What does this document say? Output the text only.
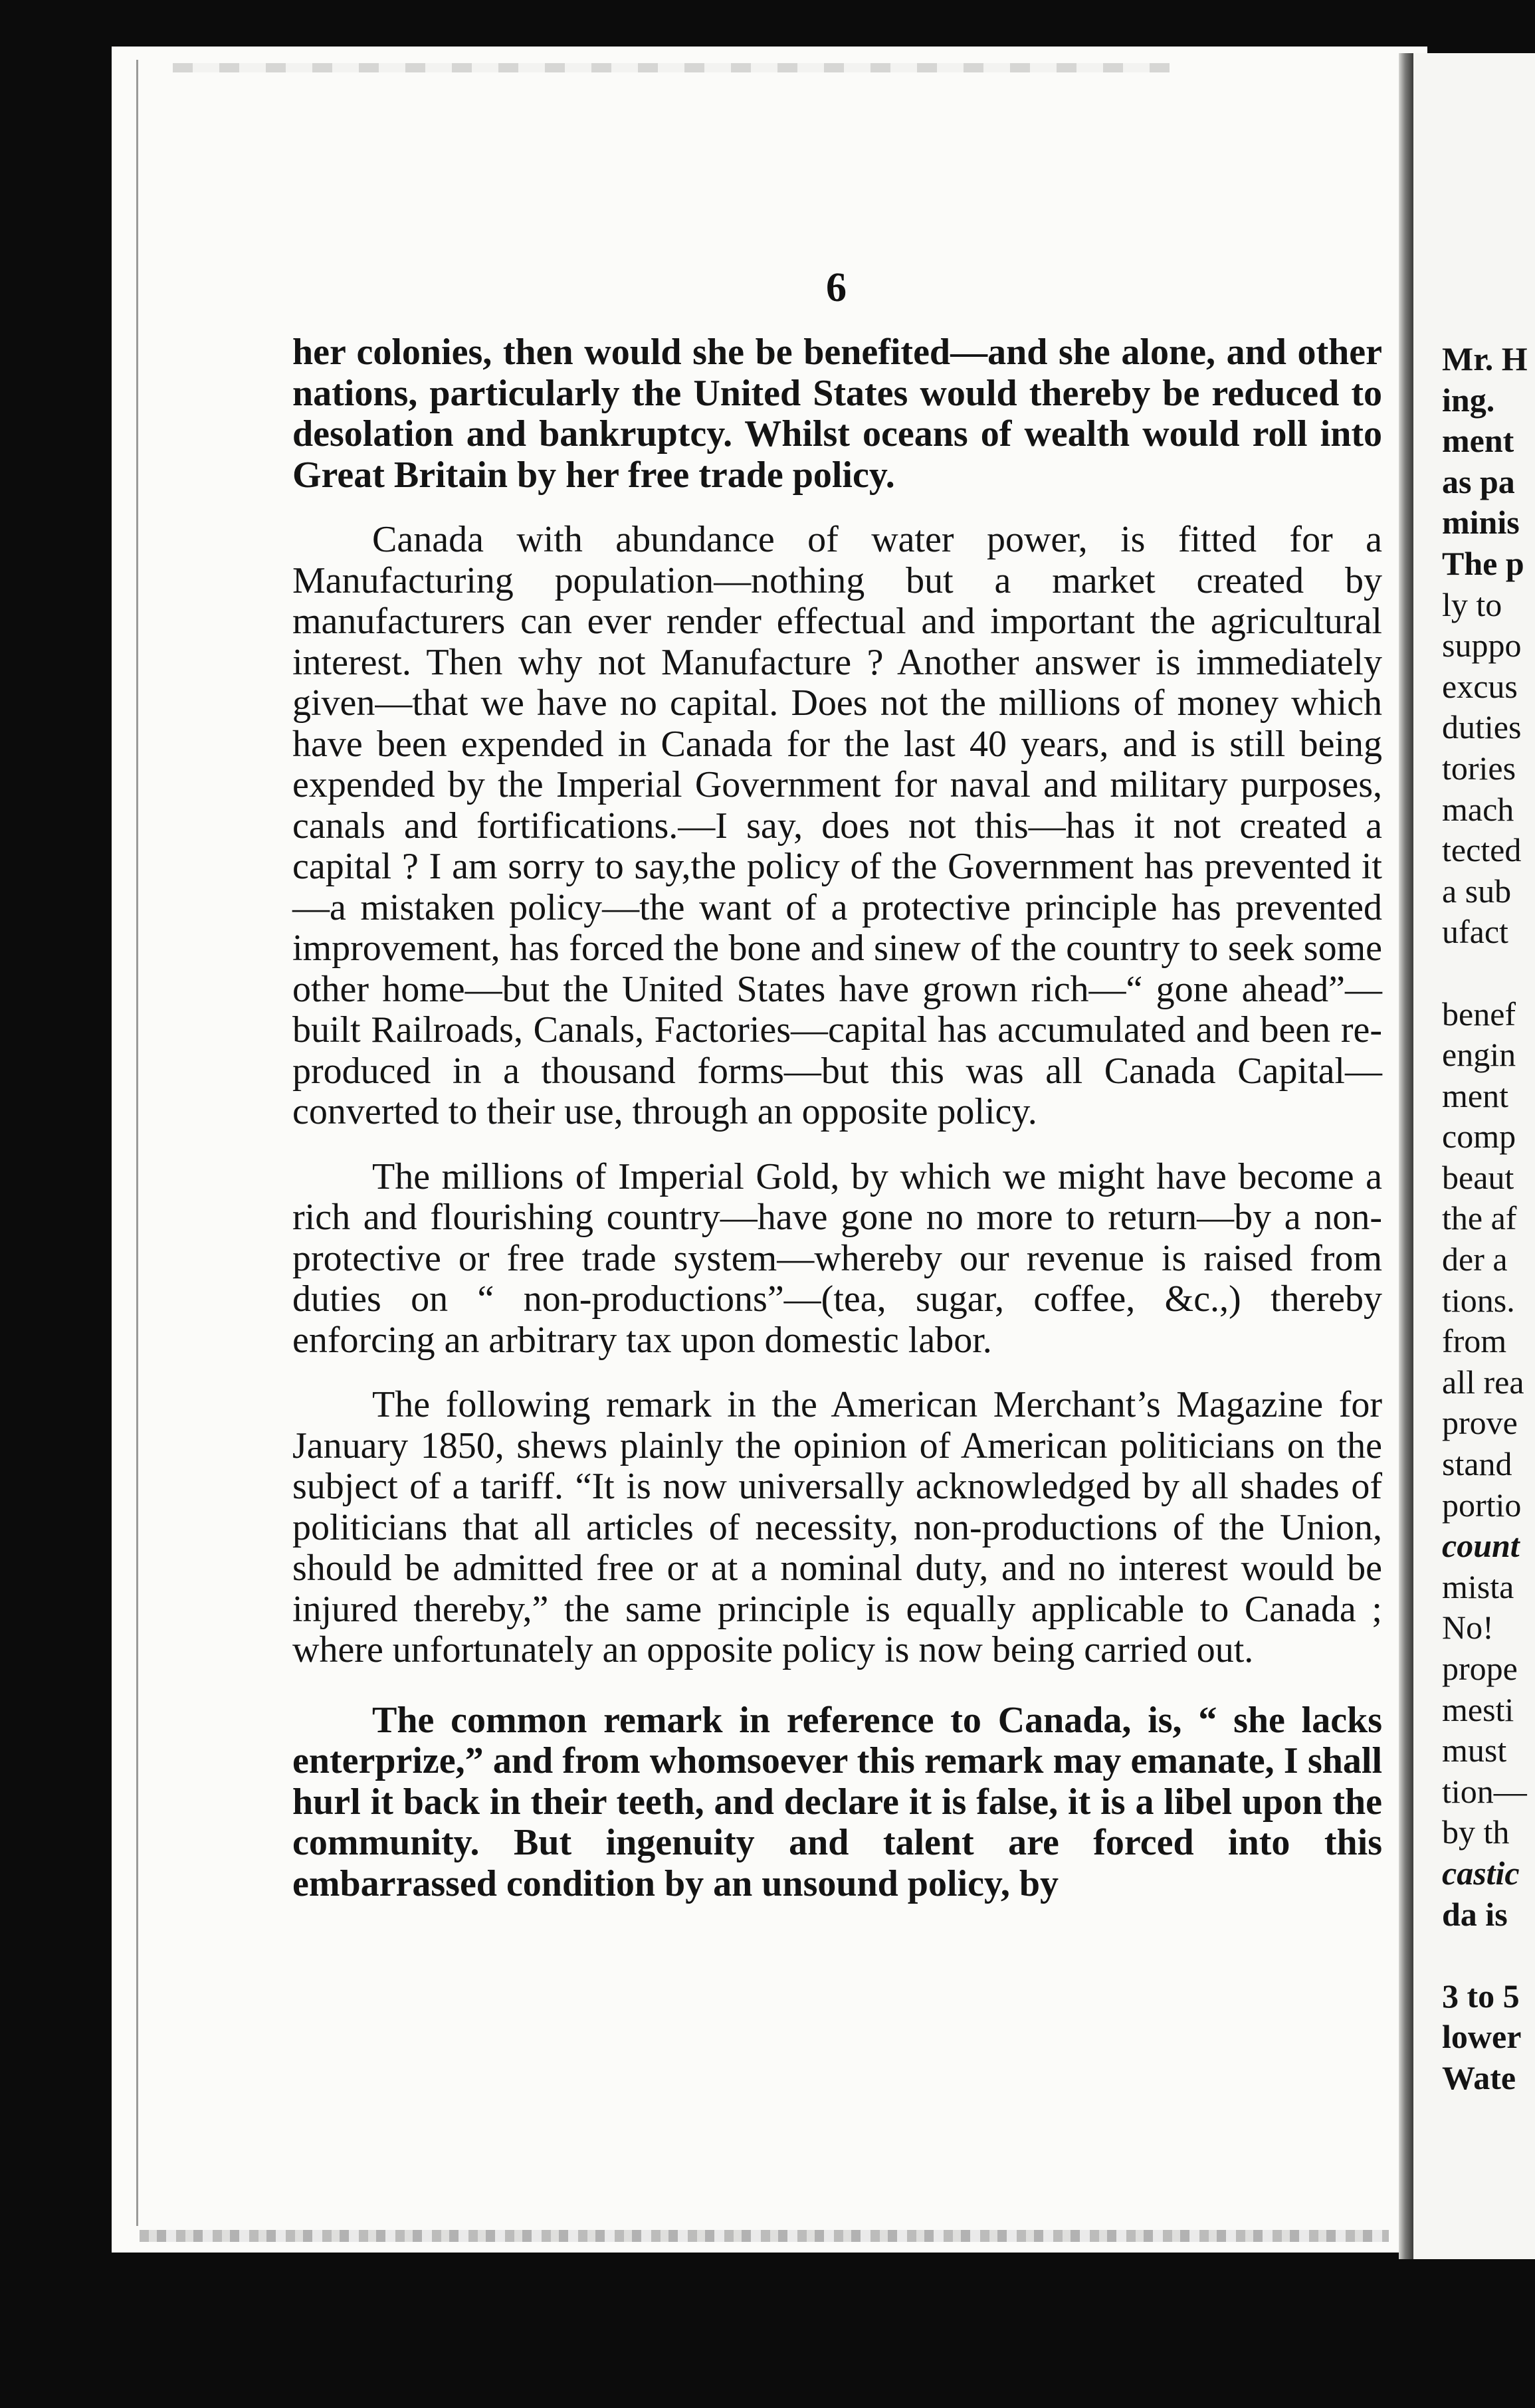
6

her colonies, then would she be benefited—and she alone, and other nations, particularly the United States would thereby be reduced to desolation and bankruptcy. Whilst oceans of wealth would roll into Great Britain by her free trade policy.

Canada with abundance of water power, is fitted for a Manufacturing population—nothing but a market created by manufacturers can ever render effectual and important the agricultural interest. Then why not Manufacture ? Another answer is immediately given—that we have no capital. Does not the millions of money which have been expended in Canada for the last 40 years, and is still being expended by the Imperial Government for naval and military purposes, canals and fortifications.—I say, does not this—has it not created a capital ? I am sorry to say,the policy of the Government has prevented it—a mistaken policy—the want of a protective principle has prevented improvement, has forced the bone and sinew of the country to seek some other home—but the United States have grown rich—“ gone ahead”—built Railroads, Canals, Factories—capital has accumulated and been re-produced in a thousand forms—but this was all Canada Capital—converted to their use, through an opposite policy.

The millions of Imperial Gold, by which we might have become a rich and flourishing country—have gone no more to return—by a non-protective or free trade system—whereby our revenue is raised from duties on “ non-productions”—(tea, sugar, coffee, &c.,) thereby enforcing an arbitrary tax upon domestic labor.

The following remark in the American Merchant’s Magazine for January 1850, shews plainly the opinion of American politicians on the subject of a tariff. “It is now universally acknowledged by all shades of politicians that all articles of necessity, non-productions of the Union, should be admitted free or at a nominal duty, and no interest would be injured thereby,” the same principle is equally applicable to Canada ; where unfortunately an opposite policy is now being carried out.

The common remark in reference to Canada, is, “ she lacks enterprize,” and from whomsoever this remark may emanate, I shall hurl it back in their teeth, and declare it is false, it is a libel upon the community. But ingenuity and talent are forced into this embarrassed condition by an unsound policy, by

Mr. H
ing.
ment
as pa
minis
The p
ly to
suppo
excus
duties
tories
mach
tected
a sub
ufact
benef
engin
ment
comp
beaut
the af
der a
tions.
from
all rea
prove
stand
portio
count
mista
No!
prope
mesti
must
tion—
by th
castic
da is
3 to 5
lower
Wate
